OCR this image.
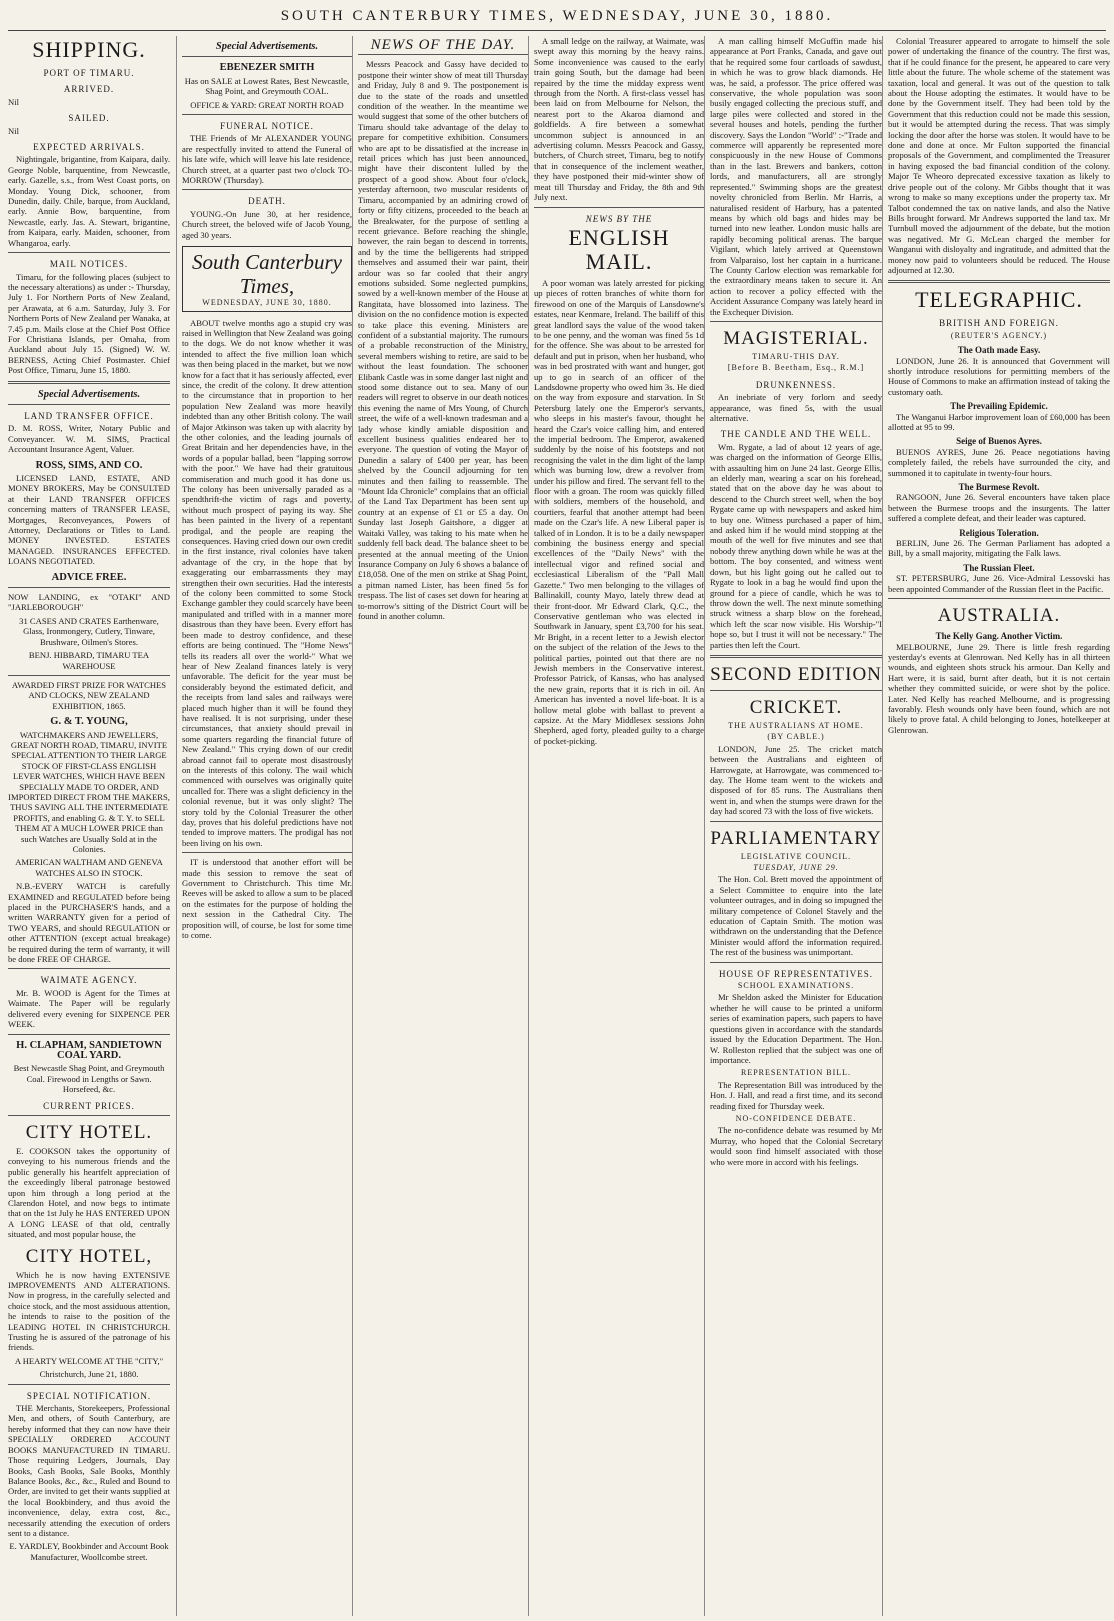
SOUTH CANTERBURY TIMES, WEDNESDAY, JUNE 30, 1880.
SHIPPING.
PORT OF TIMARU.
ARRIVED.

Nil

SAILED.

Nil

EXPECTED ARRIVALS.

Nightingale, brigantine, from Kaipara, daily. George Noble, barquentine, from Newcastle, early. Gazelle, s.s., from West Coast ports, on Monday. Young Dick, schooner, from Dunedin, daily. Chile, barque, from Auckland, early. Annie Bow, barquentine, from Newcastle, early. Jas. A. Stewart, brigantine, from Kaipara, early. Maiden, schooner, from Whangaroa, early.

MAIL NOTICES.

Timaru, for the following places (subject to the necessary alterations) as under :- Thursday, July 1. For Northern Ports of New Zealand, per Arawata, at 6 a.m. Saturday, July 3. For Northern Ports of New Zealand per Wanaka, at 7.45 p.m. Mails close at the Chief Post Office For Christiana Islands, per Omaha, from Auckland about July 15. (Signed) W. W. BERNESS, Acting Chief Postmaster. Chief Post Office, Timaru, June 15, 1880.

Special Advertisements.
LAND TRANSFER OFFICE.

D. M. ROSS, Writer, Notary Public and Conveyancer. W. M. SIMS, Practical Accountant Insurance Agent, Valuer.

ROSS, SIMS, AND CO.

LICENSED LAND, ESTATE, AND MONEY BROKERS, May be CONSULTED at their LAND TRANSFER OFFICES concerning matters of TRANSFER LEASE, Mortgages, Reconveyances, Powers of Attorney, Declarations or Titles to Land. MONEY INVESTED. ESTATES MANAGED. INSURANCES EFFECTED. LOANS NEGOTIATED.

ADVICE FREE.

NOW LANDING, ex "OTAKI" AND "JARLEBOROUGH"

31 CASES AND CRATES Earthenware, Glass, Ironmongery, Cutlery, Tinware, Brushware, Oilmen's Stores.

BENJ. HIBBARD, TIMARU TEA WAREHOUSE

AWARDED FIRST PRIZE FOR WATCHES AND CLOCKS, NEW ZEALAND EXHIBITION, 1865.

G. & T. YOUNG,

WATCHMAKERS AND JEWELLERS, GREAT NORTH ROAD, TIMARU, INVITE SPECIAL ATTENTION TO THEIR LARGE STOCK OF FIRST-CLASS ENGLISH LEVER WATCHES, WHICH HAVE BEEN SPECIALLY MADE TO ORDER, AND IMPORTED DIRECT FROM THE MAKERS, THUS SAVING ALL THE INTERMEDIATE PROFITS, and enabling G. & T. Y. to SELL THEM AT A MUCH LOWER PRICE than such Watches are Usually Sold at in the Colonies.

AMERICAN WALTHAM AND GENEVA WATCHES ALSO IN STOCK.

N.B.-EVERY WATCH is carefully EXAMINED and REGULATED before being placed in the PURCHASER'S hands, and a written WARRANTY given for a period of TWO YEARS, and should REGULATION or other ATTENTION (except actual breakage) be required during the term of warranty, it will be done FREE OF CHARGE.

WAIMATE AGENCY.

Mr. B. WOOD is Agent for the Times at Waimate. The Paper will be regularly delivered every evening for SIXPENCE PER WEEK.

H. CLAPHAM, SANDIETOWN COAL YARD.

Best Newcastle Shag Point, and Greymouth Coal. Firewood in Lengths or Sawn. Horsefeed, &c.

CURRENT PRICES.
CITY HOTEL.

E. COOKSON takes the opportunity of conveying to his numerous friends and the public generally his heartfelt appreciation of the exceedingly liberal patronage bestowed upon him through a long period at the Clarendon Hotel, and now begs to intimate that on the 1st July he HAS ENTERED UPON A LONG LEASE of that old, centrally situated, and most popular house, the

CITY HOTEL,

Which he is now having EXTENSIVE IMPROVEMENTS AND ALTERATIONS. Now in progress, in the carefully selected and choice stock, and the most assiduous attention, he intends to raise to the position of the LEADING HOTEL IN CHRISTCHURCH. Trusting he is assured of the patronage of his friends.

A HEARTY WELCOME AT THE "CITY,"

Christchurch, June 21, 1880.

SPECIAL NOTIFICATION.

THE Merchants, Storekeepers, Professional Men, and others, of South Canterbury, are hereby informed that they can now have their SPECIALLY ORDERED ACCOUNT BOOKS MANUFACTURED IN TIMARU. Those requiring Ledgers, Journals, Day Books, Cash Books, Sale Books, Monthly Balance Books, &c., &c., Ruled and Bound to Order, are invited to get their wants supplied at the local Bookbindery, and thus avoid the inconvenience, delay, extra cost, &c., necessarily attending the execution of orders sent to a distance.

E. YARDLEY, Bookbinder and Account Book Manufacturer, Woollcombe street.

Special Advertisements.
EBENEZER SMITH

Has on SALE at Lowest Rates, Best Newcastle, Shag Point, and Greymouth COAL.

OFFICE & YARD: GREAT NORTH ROAD

FUNERAL NOTICE.

THE Friends of Mr ALEXANDER YOUNG are respectfully invited to attend the Funeral of his late wife, which will leave his late residence, Church street, at a quarter past two o'clock TO-MORROW (Thursday).

DEATH.

YOUNG.-On June 30, at her residence, Church street, the beloved wife of Jacob Young, aged 30 years.

South Canterbury Times,
WEDNESDAY, JUNE 30, 1880.

ABOUT twelve months ago a stupid cry was raised in Wellington that New Zealand was going to the dogs. We do not know whether it was intended to affect the five million loan which was then being placed in the market, but we now know for a fact that it has seriously affected, ever since, the credit of the colony. It drew attention to the circumstance that in proportion to her population New Zealand was more heavily indebted than any other British colony. The wail of Major Atkinson was taken up with alacrity by the other colonies, and the leading journals of Great Britain and her dependencies have, in the words of a popular ballad, been "lapping sorrow with the poor." We have had their gratuitous commiseration and much good it has done us. The colony has been universally paraded as a spendthrift-the victim of rags and poverty, without much prospect of paying its way. She has been painted in the livery of a repentant prodigal, and the people are reaping the consequences. Having cried down our own credit in the first instance, rival colonies have taken advantage of the cry, in the hope that by exaggerating our embarrassments they may strengthen their own securities. Had the interests of the colony been committed to some Stock Exchange gambler they could scarcely have been manipulated and trifled with in a manner more disastrous than they have been. Every effort has been made to destroy confidence, and these efforts are being continued. The "Home News" tells its readers all over the world-" What we hear of New Zealand finances lately is very unfavorable. The deficit for the year must be considerably beyond the estimated deficit, and the receipts from land sales and railways were placed much higher than it will be found they have realised. It is not surprising, under these circumstances, that anxiety should prevail in some quarters regarding the financial future of New Zealand." This crying down of our credit abroad cannot fail to operate most disastrously on the interests of this colony. The wail which commenced with ourselves was originally quite uncalled for. There was a slight deficiency in the colonial revenue, but it was only slight? The story told by the Colonial Treasurer the other day, proves that his doleful predictions have not tended to improve matters. The prodigal has not been living on his own.

IT is understood that another effort will be made this session to remove the seat of Government to Christchurch. This time Mr. Reeves will be asked to allow a sum to be placed on the estimates for the purpose of holding the next session in the Cathedral City. The proposition will, of course, be lost for some time to come.

NEWS OF THE DAY.

Messrs Peacock and Gassy have decided to postpone their winter show of meat till Thursday and Friday, July 8 and 9. The postponement is due to the state of the roads and unsettled condition of the weather. In the meantime we would suggest that some of the other butchers of Timaru should take advantage of the delay to prepare for competitive exhibition. Consumers who are apt to be dissatisfied at the increase in retail prices which has just been announced, might have their discontent lulled by the prospect of a good show. About four o'clock, yesterday afternoon, two muscular residents of Timaru, accompanied by an admiring crowd of forty or fifty citizens, proceeded to the beach at the Breakwater, for the purpose of settling a recent grievance. Before reaching the shingle, however, the rain began to descend in torrents, and by the time the belligerents had stripped themselves and assumed their war paint, their ardour was so far cooled that their angry emotions subsided. Some neglected pumpkins, sowed by a well-known member of the House at Rangitata, have blossomed into laziness. The division on the no confidence motion is expected to take place this evening. Ministers are confident of a substantial majority. The rumours of a probable reconstruction of the Ministry, several members wishing to retire, are said to be without the least foundation. The schooner Elibank Castle was in some danger last night and stood some distance out to sea. Many of our readers will regret to observe in our death notices this evening the name of Mrs Young, of Church street, the wife of a well-known tradesman and a lady whose kindly amiable disposition and excellent business qualities endeared her to everyone. The question of voting the Mayor of Dunedin a salary of £400 per year, has been shelved by the Council adjourning for ten minutes and then failing to reassemble. The "Mount Ida Chronicle" complains that an official of the Land Tax Department has been sent up country at an expense of £1 or £5 a day. On Sunday last Joseph Gaitshore, a digger at Waitaki Valley, was taking to his mate when he suddenly fell back dead. The balance sheet to be presented at the annual meeting of the Union Insurance Company on July 6 shows a balance of £18,058. One of the men on strike at Shag Point, a pitman named Lister, has been fined 5s for trespass. The list of cases set down for hearing at to-morrow's sitting of the District Court will be found in another column.

A small ledge on the railway, at Waimate, was swept away this morning by the heavy rains. Some inconvenience was caused to the early train going South, but the damage had been repaired by the time the midday express went through from the North. A first-class vessel has been laid on from Melbourne for Nelson, the nearest port to the Akaroa diamond and goldfields. A fire between a somewhat uncommon subject is announced in an advertising column. Messrs Peacock and Gassy, butchers, of Church street, Timaru, beg to notify that in consequence of the inclement weather, they have postponed their mid-winter show of meat till Thursday and Friday, the 8th and 9th July next.

NEWS BY THE
ENGLISH MAIL.

A poor woman was lately arrested for picking up pieces of rotten branches of white thorn for firewood on one of the Marquis of Lansdowne's estates, near Kenmare, Ireland. The bailiff of this great landlord says the value of the wood taken to be one penny, and the woman was fined 5s 1d for the offence. She was about to be arrested for default and put in prison, when her husband, who was in bed prostrated with want and hunger, got up to go in search of an officer of the Landsdowne property who owed him 3s. He died on the way from exposure and starvation. In St Petersburg lately one the Emperor's servants, who sleeps in his master's favour, thought he heard the Czar's voice calling him, and entered the imperial bedroom. The Emperor, awakened suddenly by the noise of his footsteps and not recognising the valet in the dim light of the lamp which was burning low, drew a revolver from under his pillow and fired. The servant fell to the floor with a groan. The room was quickly filled with soldiers, members of the household, and courtiers, fearful that another attempt had been made on the Czar's life. A new Liberal paper is talked of in London. It is to be a daily newspaper combining the business energy and special excellences of the "Daily News" with the intellectual vigor and refined social and ecclesiastical Liberalism of the "Pall Mall Gazette." Two men belonging to the villages of Ballinakill, county Mayo, lately threw dead at their front-door. Mr Edward Clark, Q.C., the Conservative gentleman who was elected in Southwark in January, spent £3,700 for his seat. Mr Bright, in a recent letter to a Jewish elector on the subject of the relation of the Jews to the political parties, pointed out that there are no Jewish members in the Conservative interest. Professor Patrick, of Kansas, who has analysed the new grain, reports that it is rich in oil. An American has invented a novel life-boat. It is a hollow metal globe with ballast to prevent a capsize. At the Mary Middlesex sessions John Shepherd, aged forty, pleaded guilty to a charge of pocket-picking.

A man calling himself McGuffin made his appearance at Port Franks, Canada, and gave out that he required some four cartloads of sawdust, in which he was to grow black diamonds. He was, he said, a professor. The price offered was conservative, the whole population was soon busily engaged collecting the precious stuff, and large piles were collected and stored in the several houses and hotels, pending the further discovery. Says the London "World" :-"Trade and commerce will apparently be represented more conspicuously in the new House of Commons than in the last. Brewers and bankers, cotton lords, and manufacturers, all are strongly represented." Swimming shops are the greatest novelty chronicled from Berlin. Mr Harris, a naturalised resident of Harbury, has a patented means by which old bags and hides may be turned into new leather. London music halls are rapidly becoming political arenas. The barque Vigilant, which lately arrived at Queenstown from Valparaiso, lost her captain in a hurricane. The County Carlow election was remarkable for the extraordinary means taken to secure it. An action to recover a policy effected with the Accident Assurance Company was lately heard in the Exchequer Division.

MAGISTERIAL.
TIMARU-THIS DAY.
[Before B. Beetham, Esq., R.M.]
DRUNKENNESS.

An inebriate of very forlorn and seedy appearance, was fined 5s, with the usual alternative.

THE CANDLE AND THE WELL.

Wm. Rygate, a lad of about 12 years of age, was charged on the information of George Ellis, with assaulting him on June 24 last. George Ellis, an elderly man, wearing a scar on his forehead, stated that on the above day he was about to descend to the Church street well, when the boy Rygate came up with newspapers and asked him to buy one. Witness purchased a paper of him, and asked him if he would mind stopping at the mouth of the well for five minutes and see that nobody threw anything down while he was at the bottom. The boy consented, and witness went down, but his light going out he called out to Rygate to look in a bag he would find upon the ground for a piece of candle, which he was to throw down the well. The next minute something struck witness a sharp blow on the forehead, which left the scar now visible. His Worship-"I hope so, but I trust it will not be necessary." The parties then left the Court.

SECOND EDITION
CRICKET.
THE AUSTRALIANS AT HOME.
(BY CABLE.)

LONDON, June 25. The cricket match between the Australians and eighteen of Harrowgate, at Harrowgate, was commenced to-day. The Home team went to the wickets and disposed of for 85 runs. The Australians then went in, and when the stumps were drawn for the day had scored 73 with the loss of five wickets.

PARLIAMENTARY
LEGISLATIVE COUNCIL.
TUESDAY, JUNE 29.

The Hon. Col. Brett moved the appointment of a Select Committee to enquire into the late volunteer outrages, and in doing so impugned the military competence of Colonel Stavely and the education of Captain Smith. The motion was withdrawn on the understanding that the Defence Minister would afford the information required. The rest of the business was unimportant.

HOUSE OF REPRESENTATIVES.
SCHOOL EXAMINATIONS.

Mr Sheldon asked the Minister for Education whether he will cause to be printed a uniform series of examination papers, such papers to have questions given in accordance with the standards issued by the Education Department. The Hon. W. Rolleston replied that the subject was one of importance.

REPRESENTATION BILL.

The Representation Bill was introduced by the Hon. J. Hall, and read a first time, and its second reading fixed for Thursday week.

NO-CONFIDENCE DEBATE.

The no-confidence debate was resumed by Mr Murray, who hoped that the Colonial Secretary would soon find himself associated with those who were more in accord with his feelings.

Colonial Treasurer appeared to arrogate to himself the sole power of undertaking the finance of the country. The first was, that if he could finance for the present, he appeared to care very little about the future. The whole scheme of the statement was taxation, local and general. It was out of the question to talk about the House adopting the estimates. It would have to be done by the Government itself. They had been told by the Government that this reduction could not be made this session, but it would be attempted during the recess. That was simply locking the door after the horse was stolen. It would have to be done and done at once. Mr Fulton supported the financial proposals of the Government, and complimented the Treasurer in having exposed the bad financial condition of the colony. Major Te Wheoro deprecated excessive taxation as likely to drive people out of the colony. Mr Gibbs thought that it was wrong to make so many exceptions under the property tax. Mr Talbot condemned the tax on native lands, and also the Native Bills brought forward. Mr Andrews supported the land tax. Mr Turnbull moved the adjournment of the debate, but the motion was negatived. Mr G. McLean charged the member for Wanganui with disloyalty and ingratitude, and admitted that the money now paid to volunteers should be reduced. The House adjourned at 12.30.

TELEGRAPHIC.
BRITISH AND FOREIGN.
(REUTER'S AGENCY.)
The Oath made Easy.

LONDON, June 26. It is announced that Government will shortly introduce resolutions for permitting members of the House of Commons to make an affirmation instead of taking the customary oath.

The Prevailing Epidemic.

The Wanganui Harbor improvement loan of £60,000 has been allotted at 95 to 99.

Seige of Buenos Ayres.

BUENOS AYRES, June 26. Peace negotiations having completely failed, the rebels have surrounded the city, and summoned it to capitulate in twenty-four hours.

The Burmese Revolt.

RANGOON, June 26. Several encounters have taken place between the Burmese troops and the insurgents. The latter suffered a complete defeat, and their leader was captured.

Religious Toleration.

BERLIN, June 26. The German Parliament has adopted a Bill, by a small majority, mitigating the Falk laws.

The Russian Fleet.

ST. PETERSBURG, June 26. Vice-Admiral Lessovski has been appointed Commander of the Russian fleet in the Pacific.

AUSTRALIA.
The Kelly Gang. Another Victim.

MELBOURNE, June 29. There is little fresh regarding yesterday's events at Glenrowan. Ned Kelly has in all thirteen wounds, and eighteen shots struck his armour. Dan Kelly and Hart were, it is said, burnt after death, but it is not certain whether they committed suicide, or were shot by the police. Later. Ned Kelly has reached Melbourne, and is progressing favorably. Flesh wounds only have been found, which are not likely to prove fatal. A child belonging to Jones, hotelkeeper at Glenrowan.
